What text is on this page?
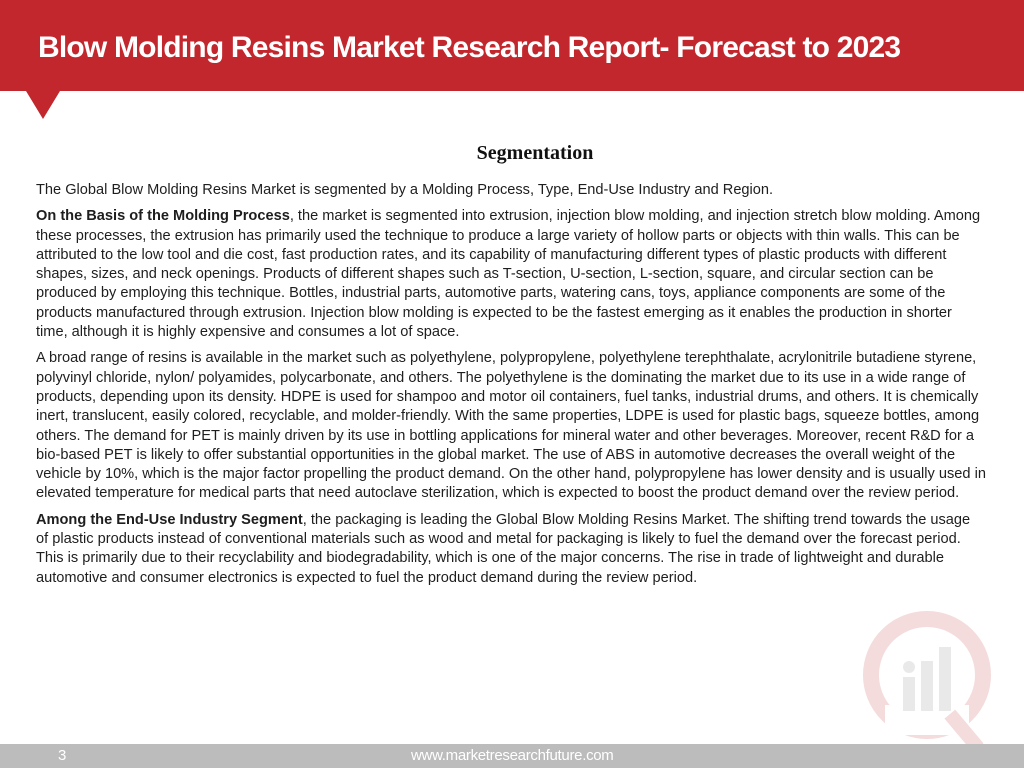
Blow Molding Resins Market Research Report- Forecast to 2023
Segmentation

The Global Blow Molding Resins Market is segmented by a Molding Process, Type, End-Use Industry and Region.

On the Basis of the Molding Process, the market is segmented into extrusion, injection blow molding, and injection stretch blow molding. Among these processes, the extrusion has primarily used the technique to produce a large variety of hollow parts or objects with thin walls. This can be attributed to the low tool and die cost, fast production rates, and its capability of manufacturing different types of plastic products with different shapes, sizes, and neck openings. Products of different shapes such as T-section, U-section, L-section, square, and circular section can be produced by employing this technique. Bottles, industrial parts, automotive parts, watering cans, toys, appliance components are some of the products manufactured through extrusion. Injection blow molding is expected to be the fastest emerging as it enables the production in shorter time, although it is highly expensive and consumes a lot of space.

A broad range of resins is available in the market such as polyethylene, polypropylene, polyethylene terephthalate, acrylonitrile butadiene styrene, polyvinyl chloride, nylon/ polyamides, polycarbonate, and others. The polyethylene is the dominating the market due to its use in a wide range of products, depending upon its density. HDPE is used for shampoo and motor oil containers, fuel tanks, industrial drums, and others. It is chemically inert, translucent, easily colored, recyclable, and molder-friendly. With the same properties, LDPE is used for plastic bags, squeeze bottles, among others. The demand for PET is mainly driven by its use in bottling applications for mineral water and other beverages. Moreover, recent R&D for a bio-based PET is likely to offer substantial opportunities in the global market. The use of ABS in automotive decreases the overall weight of the vehicle by 10%, which is the major factor propelling the product demand. On the other hand, polypropylene has lower density and is usually used in elevated temperature for medical parts that need autoclave sterilization, which is expected to boost the product demand over the review period.

Among the End-Use Industry Segment, the packaging is leading the Global Blow Molding Resins Market. The shifting trend towards the usage of plastic products instead of conventional materials such as wood and metal for packaging is likely to fuel the demand over the forecast period. This is primarily due to their recyclability and biodegradability, which is one of the major concerns. The rise in trade of lightweight and durable automotive and consumer electronics is expected to fuel the product demand during the review period.

3	www.marketresearchfuture.com
